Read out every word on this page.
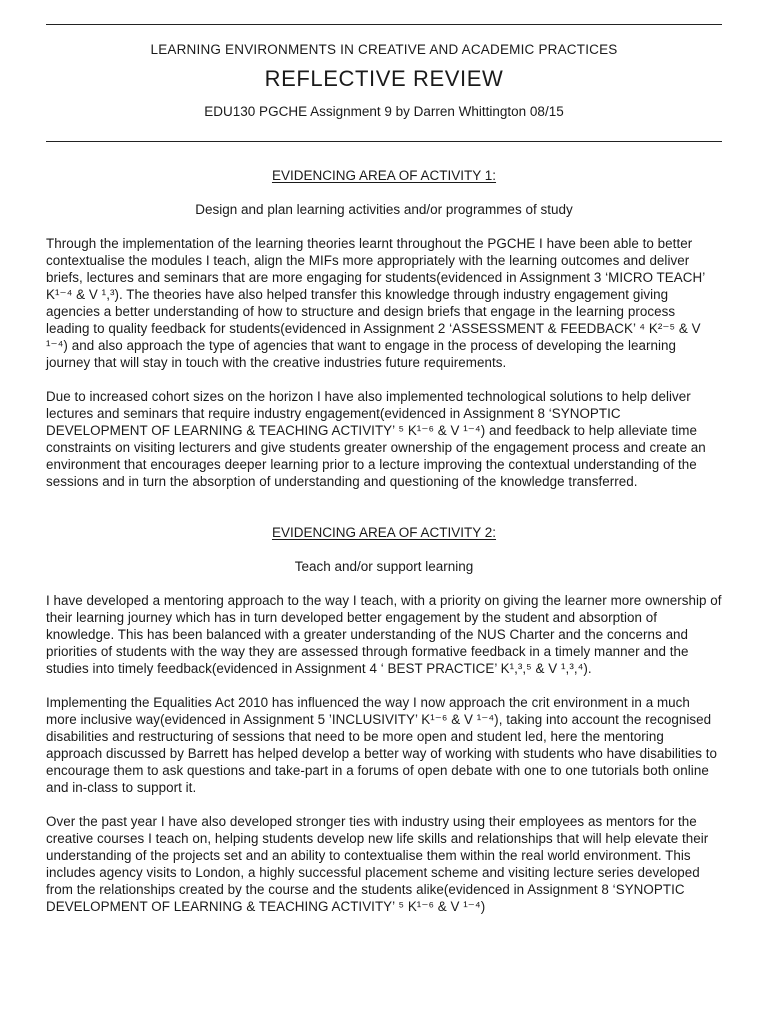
LEARNING ENVIRONMENTS IN CREATIVE AND ACADEMIC PRACTICES
REFLECTIVE REVIEW
EDU130 PGCHE Assignment 9 by Darren Whittington 08/15
EVIDENCING AREA OF ACTIVITY 1:
Design and plan learning activities and/or programmes of study

Through the implementation of the learning theories learnt throughout the PGCHE I have been able to better contextualise the modules I teach, align the MIFs more appropriately with the learning outcomes and deliver briefs, lectures and seminars that are more engaging for students(evidenced in Assignment 3 ‘MICRO TEACH’ K¹⁻⁴ & V ¹,³). The theories have also helped transfer this knowledge through industry engagement giving agencies a better understanding of how to structure and design briefs that engage in the learning process leading to quality feedback for students(evidenced in Assignment 2 ‘ASSESSMENT & FEEDBACK’ ⁴ K²⁻⁵ & V ¹⁻⁴) and also approach the type of agencies that want to engage in the process of developing the learning journey that will stay in touch with the creative industries future requirements.

Due to increased cohort sizes on the horizon I have also implemented technological solutions to help deliver lectures and seminars that require industry engagement(evidenced in Assignment 8 ‘SYNOPTIC DEVELOPMENT OF LEARNING & TEACHING ACTIVITY’ ⁵ K¹⁻⁶ & V ¹⁻⁴) and feedback to help alleviate time constraints on visiting lecturers and give students greater ownership of the engagement process and create an environment that encourages deeper learning prior to a lecture improving the contextual understanding of the sessions and in turn the absorption of understanding and questioning of the knowledge transferred.

EVIDENCING AREA OF ACTIVITY 2:
Teach and/or support learning

I have developed a mentoring approach to the way I teach, with a priority on giving the learner more ownership of their learning journey which has in turn developed better engagement by the student and absorption of knowledge. This has been balanced with a greater understanding of the NUS Charter and the concerns and priorities of students with the way they are assessed through formative feedback in a timely manner and the studies into timely feedback(evidenced in Assignment 4 ‘ BEST PRACTICE’ K¹,³,⁵ & V ¹,³,⁴).

Implementing the Equalities Act 2010 has influenced the way I now approach the crit environment in a much more inclusive way(evidenced in Assignment 5 ’INCLUSIVITY’ K¹⁻⁶ & V ¹⁻⁴), taking into account the recognised disabilities and restructuring of sessions that need to be more open and student led, here the mentoring approach discussed by Barrett has helped develop a better way of working with students who have disabilities to encourage them to ask questions and take-part in a forums of open debate with one to one tutorials both online and in-class to support it.

Over the past year I have also developed stronger ties with industry using their employees as mentors for the creative courses I teach on, helping students develop new life skills and relationships that will help elevate their understanding of the projects set and an ability to contextualise them within the real world environment. This includes agency visits to London, a highly successful placement scheme and visiting lecture series developed from the relationships created by the course and the students alike(evidenced in Assignment 8 ‘SYNOPTIC DEVELOPMENT OF LEARNING & TEACHING ACTIVITY’ ⁵ K¹⁻⁶ & V ¹⁻⁴)
